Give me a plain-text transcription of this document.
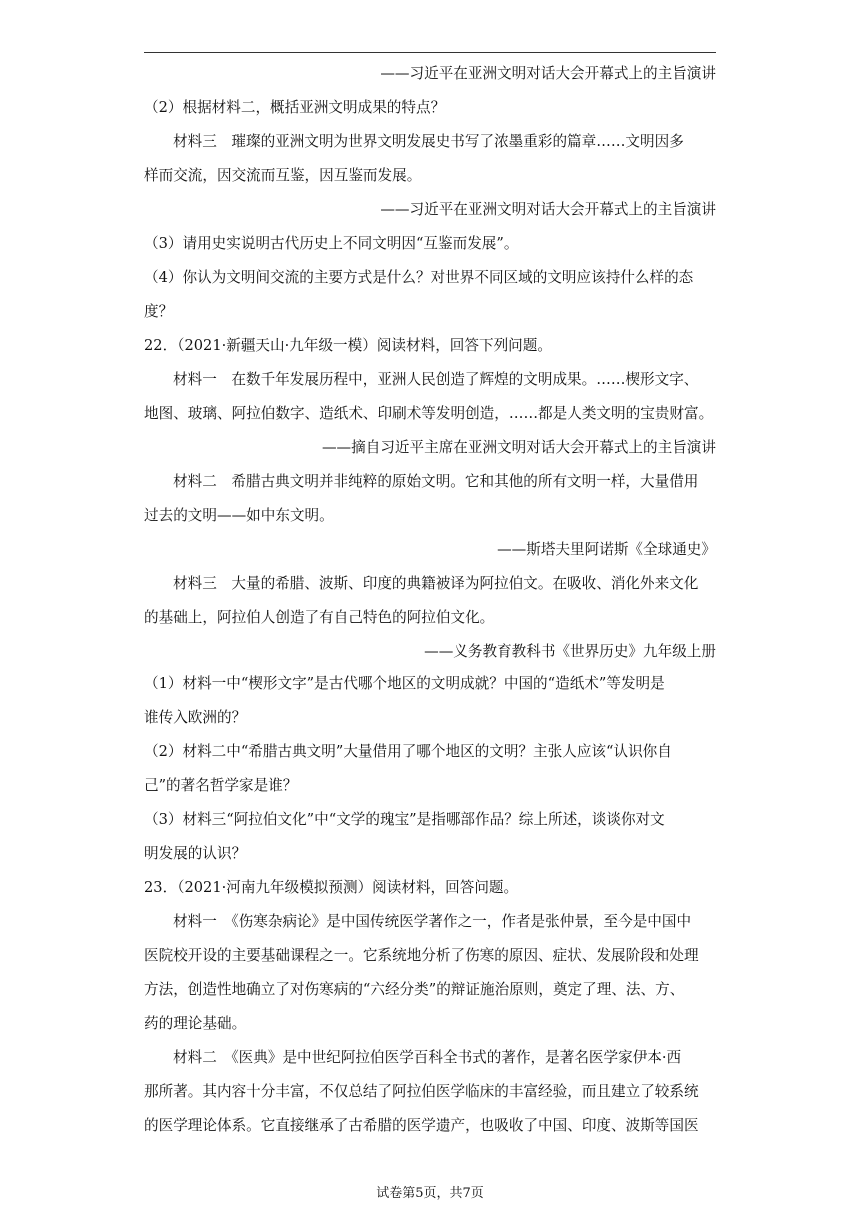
——习近平在亚洲文明对话大会开幕式上的主旨演讲

（2）根据材料二，概括亚洲文明成果的特点？

材料三　璀璨的亚洲文明为世界文明发展史书写了浓墨重彩的篇章……文明因多

样而交流，因交流而互鉴，因互鉴而发展。

——习近平在亚洲文明对话大会开幕式上的主旨演讲

（3）请用史实说明古代历史上不同文明因“互鉴而发展”。

（4）你认为文明间交流的主要方式是什么？对世界不同区域的文明应该持什么样的态

度？

22．（2021·新疆天山·九年级一模）阅读材料，回答下列问题。

材料一　在数千年发展历程中，亚洲人民创造了辉煌的文明成果。……楔形文字、

地图、玻璃、阿拉伯数字、造纸术、印刷术等发明创造，……都是人类文明的宝贵财富。

——摘自习近平主席在亚洲文明对话大会开幕式上的主旨演讲

材料二　希腊古典文明并非纯粹的原始文明。它和其他的所有文明一样，大量借用

过去的文明——如中东文明。

——斯塔夫里阿诺斯《全球通史》

材料三　大量的希腊、波斯、印度的典籍被译为阿拉伯文。在吸收、消化外来文化

的基础上，阿拉伯人创造了有自己特色的阿拉伯文化。

——义务教育教科书《世界历史》九年级上册

（1）材料一中“楔形文字”是古代哪个地区的文明成就？中国的“造纸术”等发明是

谁传入欧洲的？

（2）材料二中“希腊古典文明”大量借用了哪个地区的文明？主张人应该“认识你自

己”的著名哲学家是谁？

（3）材料三“阿拉伯文化”中“文学的瑰宝”是指哪部作品？综上所述，谈谈你对文

明发展的认识？

23．（2021·河南九年级模拟预测）阅读材料，回答问题。

材料一　《伤寒杂病论》是中国传统医学著作之一，作者是张仲景，至今是中国中

医院校开设的主要基础课程之一。它系统地分析了伤寒的原因、症状、发展阶段和处理

方法，创造性地确立了对伤寒病的“六经分类”的辩证施治原则，奠定了理、法、方、

药的理论基础。

材料二　《医典》是中世纪阿拉伯医学百科全书式的著作，是著名医学家伊本·西

那所著。其内容十分丰富，不仅总结了阿拉伯医学临床的丰富经验，而且建立了较系统

的医学理论体系。它直接继承了古希腊的医学遗产，也吸收了中国、印度、波斯等国医

试卷第5页，共7页
